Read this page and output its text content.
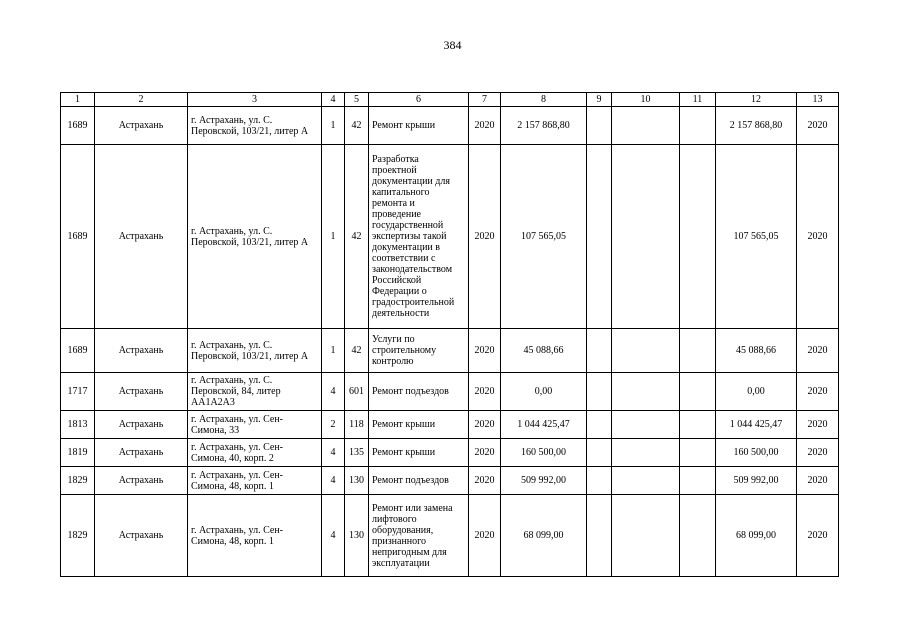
384
1	2	3	4	5	6	7	8	9	10	11	12	13
1689	Астрахань	г. Астрахань, ул. С. Перовской, 103/21, литер А	1	42	Ремонт крыши	2020	2 157 868,80				2 157 868,80	2020
1689	Астрахань	г. Астрахань, ул. С. Перовской, 103/21, литер А	1	42	Разработка проектной документации для капитального ремонта и проведение государственной экспертизы такой документации в соответствии с законодательством Российской Федерации о градостроительной деятельности	2020	107 565,05				107 565,05	2020
1689	Астрахань	г. Астрахань, ул. С. Перовской, 103/21, литер А	1	42	Услуги по строительному контролю	2020	45 088,66				45 088,66	2020
1717	Астрахань	г. Астрахань, ул. С. Перовской, 84, литер АА1А2А3	4	601	Ремонт подъездов	2020	0,00				0,00	2020
1813	Астрахань	г. Астрахань, ул. Сен-Симона, 33	2	118	Ремонт крыши	2020	1 044 425,47				1 044 425,47	2020
1819	Астрахань	г. Астрахань, ул. Сен-Симона, 40, корп. 2	4	135	Ремонт крыши	2020	160 500,00				160 500,00	2020
1829	Астрахань	г. Астрахань, ул. Сен-Симона, 48, корп. 1	4	130	Ремонт подъездов	2020	509 992,00				509 992,00	2020
1829	Астрахань	г. Астрахань, ул. Сен-Симона, 48, корп. 1	4	130	Ремонт или замена лифтового оборудования, признанного непригодным для эксплуатации	2020	68 099,00				68 099,00	2020
